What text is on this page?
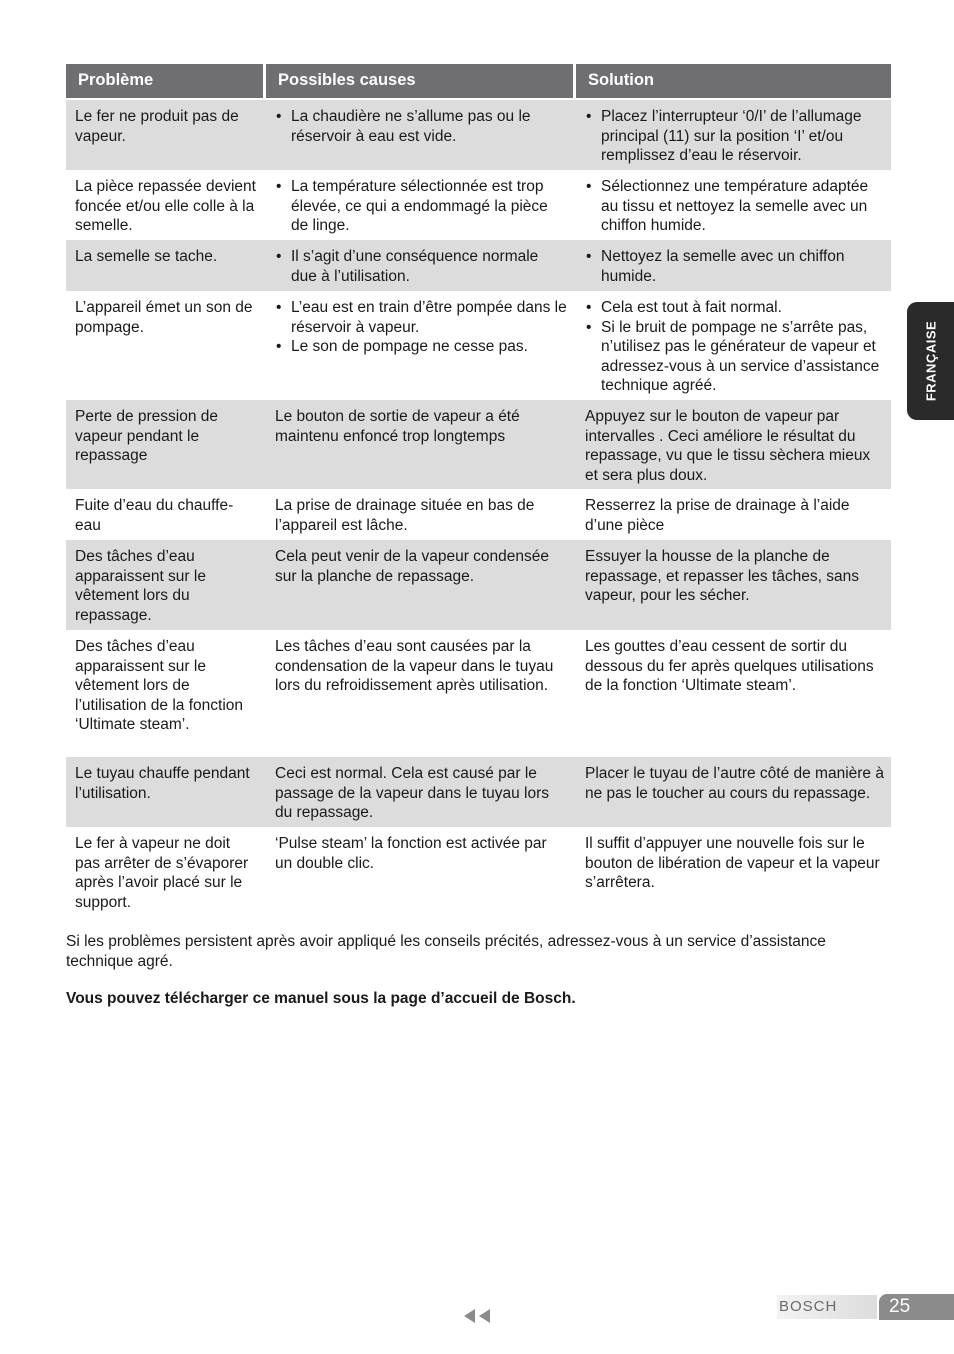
Problème	Possibles causes	Solution
Le fer ne produit pas de vapeur.
• La chaudière ne s’allume pas ou le réservoir à eau est vide.
• Placez l’interrupteur ‘0/I’ de l’allumage principal (11) sur la position ‘I’ et/ou remplissez d’eau le réservoir.
La pièce repassée devient foncée et/ou elle colle à la semelle.
• La température sélectionnée est trop élevée, ce qui a endommagé la pièce de linge.
• Sélectionnez une température adaptée au tissu et nettoyez la semelle avec un chiffon humide.
La semelle se tache.
•	Il s’agit d’une conséquence normale due à l’utilisation.
• Nettoyez la semelle avec un chiffon humide.
L’appareil émet un son de pompage.
• L’eau est en train d’être pompée dans le réservoir à vapeur.
• Le son de pompage ne cesse pas.
• Cela est tout à fait normal.
• Si le bruit de pompage ne s’arrête pas, n’utilisez pas le générateur de vapeur et adressez-vous à un service d’assistance technique agréé.
Perte de pression de vapeur pendant le repassage
Le bouton de sortie de vapeur a été maintenu enfoncé trop longtemps
Appuyez sur le bouton de vapeur par intervalles . Ceci améliore le résultat du repassage, vu que le tissu sèchera mieux et sera plus doux.
Fuite d’eau du chauffe-eau
La prise de drainage située en bas de l’appareil est lâche.
Resserrez la prise de drainage à l’aide d’une pièce
Des tâches d’eau apparaissent sur le vêtement lors du repassage.
Cela peut venir de la vapeur condensée sur la planche de repassage.
Essuyer la housse de la planche de repassage, et repasser les tâches, sans vapeur, pour les sécher.
Des tâches d’eau apparaissent sur le vêtement lors de l’utilisation de la fonction ‘Ultimate steam’.
Les tâches d’eau sont causées par la condensation de la vapeur dans le tuyau lors du refroidissement après utilisation.
Les gouttes d’eau cessent de sortir du dessous du fer après quelques utilisations de la fonction ‘Ultimate steam’.
Le tuyau chauffe pendant l’utilisation.
Ceci est normal. Cela est causé par le passage de la vapeur dans le tuyau lors du repassage.
Placer le tuyau de l’autre côté de manière à ne pas le toucher au cours du repassage.
Le fer à vapeur ne doit pas arrêter de s’évaporer après l’avoir placé sur le support.
‘Pulse steam’ la fonction est activée par un double clic.
Il suffit d’appuyer une nouvelle fois sur le bouton de libération de vapeur et la vapeur s’arrêtera.
Si les problèmes persistent après avoir appliqué les conseils précités, adressez-vous à un service d’assistance technique agré.
Vous pouvez télécharger ce manuel sous la page d’accueil de Bosch.
FRANÇAISE
BOSCH	25
